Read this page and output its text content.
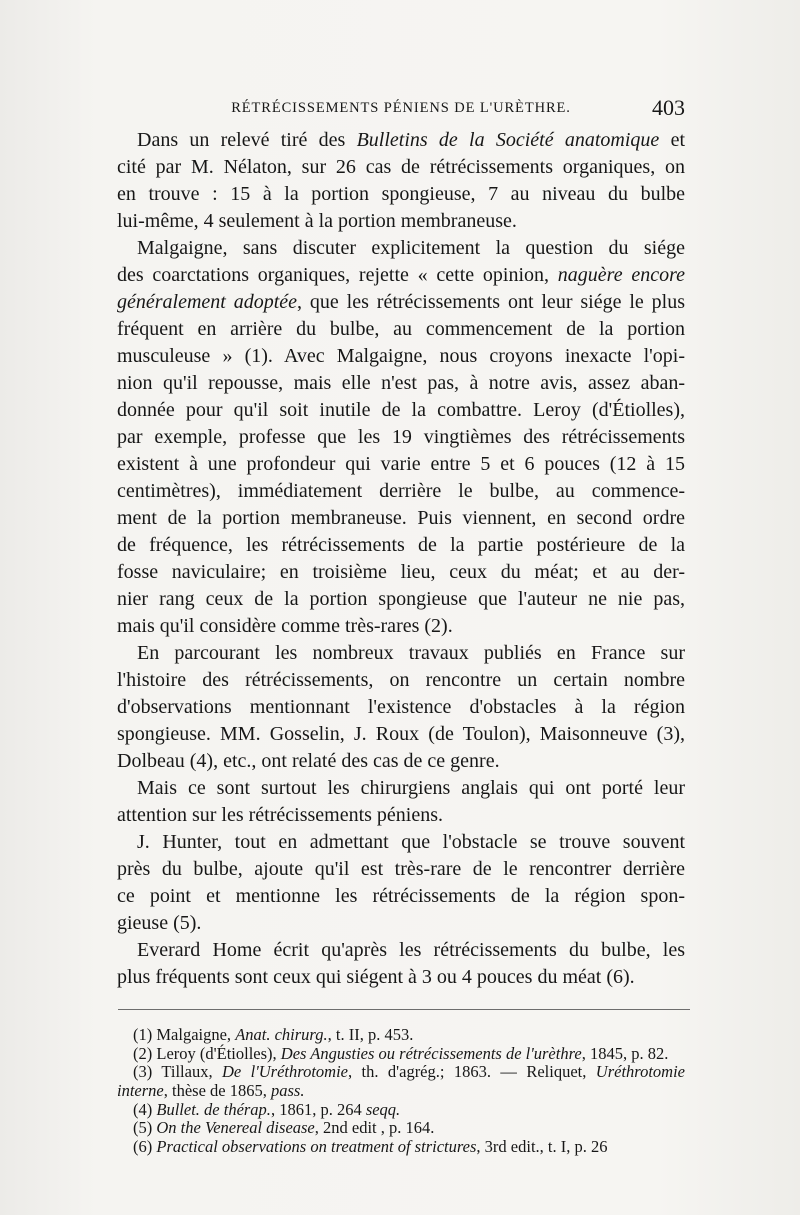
RÉTRÉCISSEMENTS PÉNIENS DE L'URÈTHRE.	403
Dans un relevé tiré des Bulletins de la Société anatomique et
cité par M. Nélaton, sur 26 cas de rétrécissements organiques, on
en trouve : 15 à la portion spongieuse, 7 au niveau du bulbe
lui-même, 4 seulement à la portion membraneuse.
Malgaigne, sans discuter explicitement la question du siége
des coarctations organiques, rejette « cette opinion, naguère encore
généralement adoptée, que les rétrécissements ont leur siége le plus
fréquent en arrière du bulbe, au commencement de la portion
musculeuse » (1). Avec Malgaigne, nous croyons inexacte l'opi-
nion qu'il repousse, mais elle n'est pas, à notre avis, assez aban-
donnée pour qu'il soit inutile de la combattre. Leroy (d'Étiolles),
par exemple, professe que les 19 vingtièmes des rétrécissements
existent à une profondeur qui varie entre 5 et 6 pouces (12 à 15
centimètres), immédiatement derrière le bulbe, au commence-
ment de la portion membraneuse. Puis viennent, en second ordre
de fréquence, les rétrécissements de la partie postérieure de la
fosse naviculaire; en troisième lieu, ceux du méat; et au der-
nier rang ceux de la portion spongieuse que l'auteur ne nie pas,
mais qu'il considère comme très-rares (2).
En parcourant les nombreux travaux publiés en France sur
l'histoire des rétrécissements, on rencontre un certain nombre
d'observations mentionnant l'existence d'obstacles à la région
spongieuse. MM. Gosselin, J. Roux (de Toulon), Maisonneuve (3),
Dolbeau (4), etc., ont relaté des cas de ce genre.
Mais ce sont surtout les chirurgiens anglais qui ont porté leur
attention sur les rétrécissements péniens.
J. Hunter, tout en admettant que l'obstacle se trouve souvent
près du bulbe, ajoute qu'il est très-rare de le rencontrer derrière
ce point et mentionne les rétrécissements de la région spon-
gieuse (5).
Everard Home écrit qu'après les rétrécissements du bulbe, les
plus fréquents sont ceux qui siégent à 3 ou 4 pouces du méat (6).
(1) Malgaigne, Anat. chirurg., t. II, p. 453.
(2) Leroy (d'Étiolles), Des Angusties ou rétrécissements de l'urèthre, 1845, p. 82.
(3) Tillaux, De l'Uréthrotomie, th. d'agrég.; 1863. — Reliquet, Uréthrotomie
interne, thèse de 1865, pass.
(4) Bullet. de thérap., 1861, p. 264 seqq.
(5) On the Venereal disease, 2nd edit , p. 164.
(6) Practical observations on treatment of strictures, 3rd edit., t. I, p. 26
